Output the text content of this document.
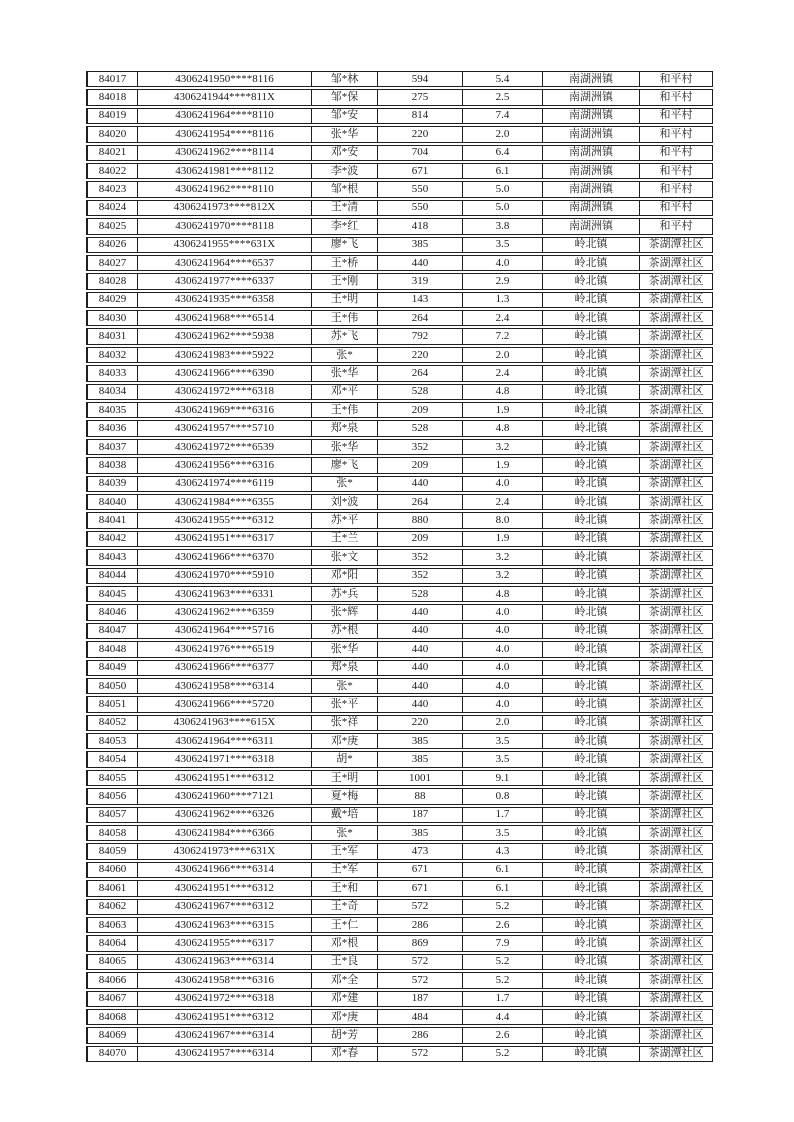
84017	4306241950****8116	邹*林	594	5.4	南湖洲镇	和平村
84018	4306241944****811X	邹*保	275	2.5	南湖洲镇	和平村
84019	4306241964****8110	邹*安	814	7.4	南湖洲镇	和平村
84020	4306241954****8116	张*华	220	2.0	南湖洲镇	和平村
84021	4306241962****8114	邓*安	704	6.4	南湖洲镇	和平村
84022	4306241981****8112	李*波	671	6.1	南湖洲镇	和平村
84023	4306241962****8110	邹*根	550	5.0	南湖洲镇	和平村
84024	4306241973****812X	王*清	550	5.0	南湖洲镇	和平村
84025	4306241970****8118	李*红	418	3.8	南湖洲镇	和平村
84026	4306241955****631X	廖*飞	385	3.5	岭北镇	茶湖潭社区
84027	4306241964****6537	王*桥	440	4.0	岭北镇	茶湖潭社区
84028	4306241977****6337	王*刚	319	2.9	岭北镇	茶湖潭社区
84029	4306241935****6358	王*明	143	1.3	岭北镇	茶湖潭社区
84030	4306241968****6514	王*伟	264	2.4	岭北镇	茶湖潭社区
84031	4306241962****5938	苏*飞	792	7.2	岭北镇	茶湖潭社区
84032	4306241983****5922	张*	220	2.0	岭北镇	茶湖潭社区
84033	4306241966****6390	张*华	264	2.4	岭北镇	茶湖潭社区
84034	4306241972****6318	邓*平	528	4.8	岭北镇	茶湖潭社区
84035	4306241969****6316	王*伟	209	1.9	岭北镇	茶湖潭社区
84036	4306241957****5710	郑*泉	528	4.8	岭北镇	茶湖潭社区
84037	4306241972****6539	张*华	352	3.2	岭北镇	茶湖潭社区
84038	4306241956****6316	廖*飞	209	1.9	岭北镇	茶湖潭社区
84039	4306241974****6119	张*	440	4.0	岭北镇	茶湖潭社区
84040	4306241984****6355	刘*波	264	2.4	岭北镇	茶湖潭社区
84041	4306241955****6312	苏*平	880	8.0	岭北镇	茶湖潭社区
84042	4306241951****6317	王*兰	209	1.9	岭北镇	茶湖潭社区
84043	4306241966****6370	张*文	352	3.2	岭北镇	茶湖潭社区
84044	4306241970****5910	邓*阳	352	3.2	岭北镇	茶湖潭社区
84045	4306241963****6331	苏*兵	528	4.8	岭北镇	茶湖潭社区
84046	4306241962****6359	张*辉	440	4.0	岭北镇	茶湖潭社区
84047	4306241964****5716	苏*根	440	4.0	岭北镇	茶湖潭社区
84048	4306241976****6519	张*华	440	4.0	岭北镇	茶湖潭社区
84049	4306241966****6377	郑*泉	440	4.0	岭北镇	茶湖潭社区
84050	4306241958****6314	张*	440	4.0	岭北镇	茶湖潭社区
84051	4306241966****5720	张*平	440	4.0	岭北镇	茶湖潭社区
84052	4306241963****615X	张*祥	220	2.0	岭北镇	茶湖潭社区
84053	4306241964****6311	邓*庚	385	3.5	岭北镇	茶湖潭社区
84054	4306241971****6318	胡*	385	3.5	岭北镇	茶湖潭社区
84055	4306241951****6312	王*明	1001	9.1	岭北镇	茶湖潭社区
84056	4306241960****7121	夏*梅	88	0.8	岭北镇	茶湖潭社区
84057	4306241962****6326	戴*培	187	1.7	岭北镇	茶湖潭社区
84058	4306241984****6366	张*	385	3.5	岭北镇	茶湖潭社区
84059	4306241973****631X	王*军	473	4.3	岭北镇	茶湖潭社区
84060	4306241966****6314	王*军	671	6.1	岭北镇	茶湖潭社区
84061	4306241951****6312	王*和	671	6.1	岭北镇	茶湖潭社区
84062	4306241967****6312	王*奇	572	5.2	岭北镇	茶湖潭社区
84063	4306241963****6315	王*仁	286	2.6	岭北镇	茶湖潭社区
84064	4306241955****6317	邓*根	869	7.9	岭北镇	茶湖潭社区
84065	4306241963****6314	王*良	572	5.2	岭北镇	茶湖潭社区
84066	4306241958****6316	邓*全	572	5.2	岭北镇	茶湖潭社区
84067	4306241972****6318	邓*建	187	1.7	岭北镇	茶湖潭社区
84068	4306241951****6312	邓*庚	484	4.4	岭北镇	茶湖潭社区
84069	4306241967****6314	胡*芳	286	2.6	岭北镇	茶湖潭社区
84070	4306241957****6314	邓*春	572	5.2	岭北镇	茶湖潭社区
